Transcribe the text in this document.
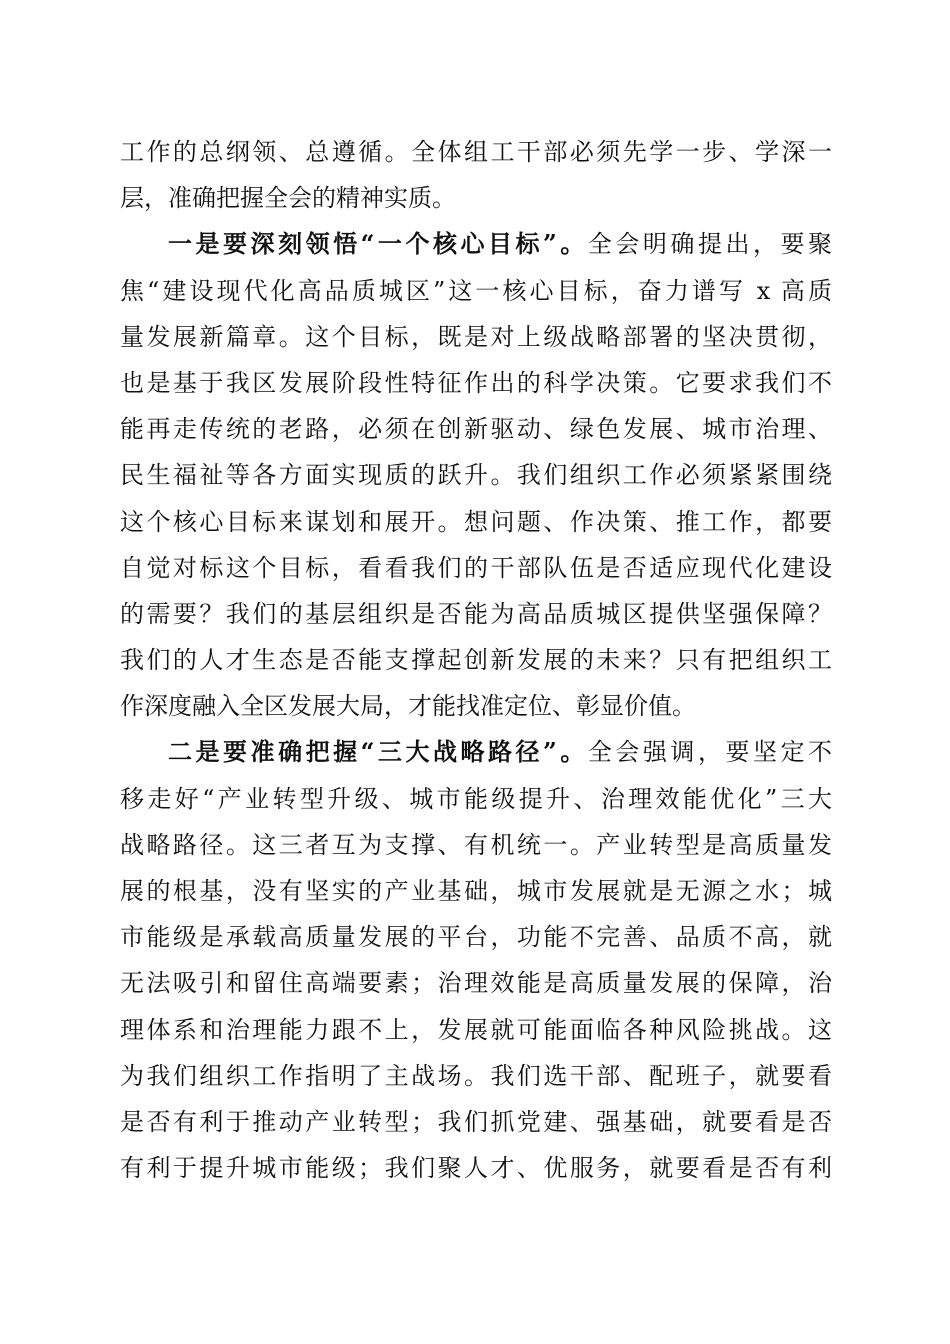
工作的总纲领、总遵循。全体组工干部必须先学一步、学深一
层，准确把握全会的精神实质。
一是要深刻领悟“一个核心目标”。全会明确提出，要聚
焦“建设现代化高品质城区”这一核心目标，奋力谱写 x 高质
量发展新篇章。这个目标，既是对上级战略部署的坚决贯彻，
也是基于我区发展阶段性特征作出的科学决策。它要求我们不
能再走传统的老路，必须在创新驱动、绿色发展、城市治理、
民生福祉等各方面实现质的跃升。我们组织工作必须紧紧围绕
这个核心目标来谋划和展开。想问题、作决策、推工作，都要
自觉对标这个目标，看看我们的干部队伍是否适应现代化建设
的需要？我们的基层组织是否能为高品质城区提供坚强保障？
我们的人才生态是否能支撑起创新发展的未来？只有把组织工
作深度融入全区发展大局，才能找准定位、彰显价值。
二是要准确把握“三大战略路径”。全会强调，要坚定不
移走好“产业转型升级、城市能级提升、治理效能优化”三大
战略路径。这三者互为支撑、有机统一。产业转型是高质量发
展的根基，没有坚实的产业基础，城市发展就是无源之水；城
市能级是承载高质量发展的平台，功能不完善、品质不高，就
无法吸引和留住高端要素；治理效能是高质量发展的保障，治
理体系和治理能力跟不上，发展就可能面临各种风险挑战。这
为我们组织工作指明了主战场。我们选干部、配班子，就要看
是否有利于推动产业转型；我们抓党建、强基础，就要看是否
有利于提升城市能级；我们聚人才、优服务，就要看是否有利
